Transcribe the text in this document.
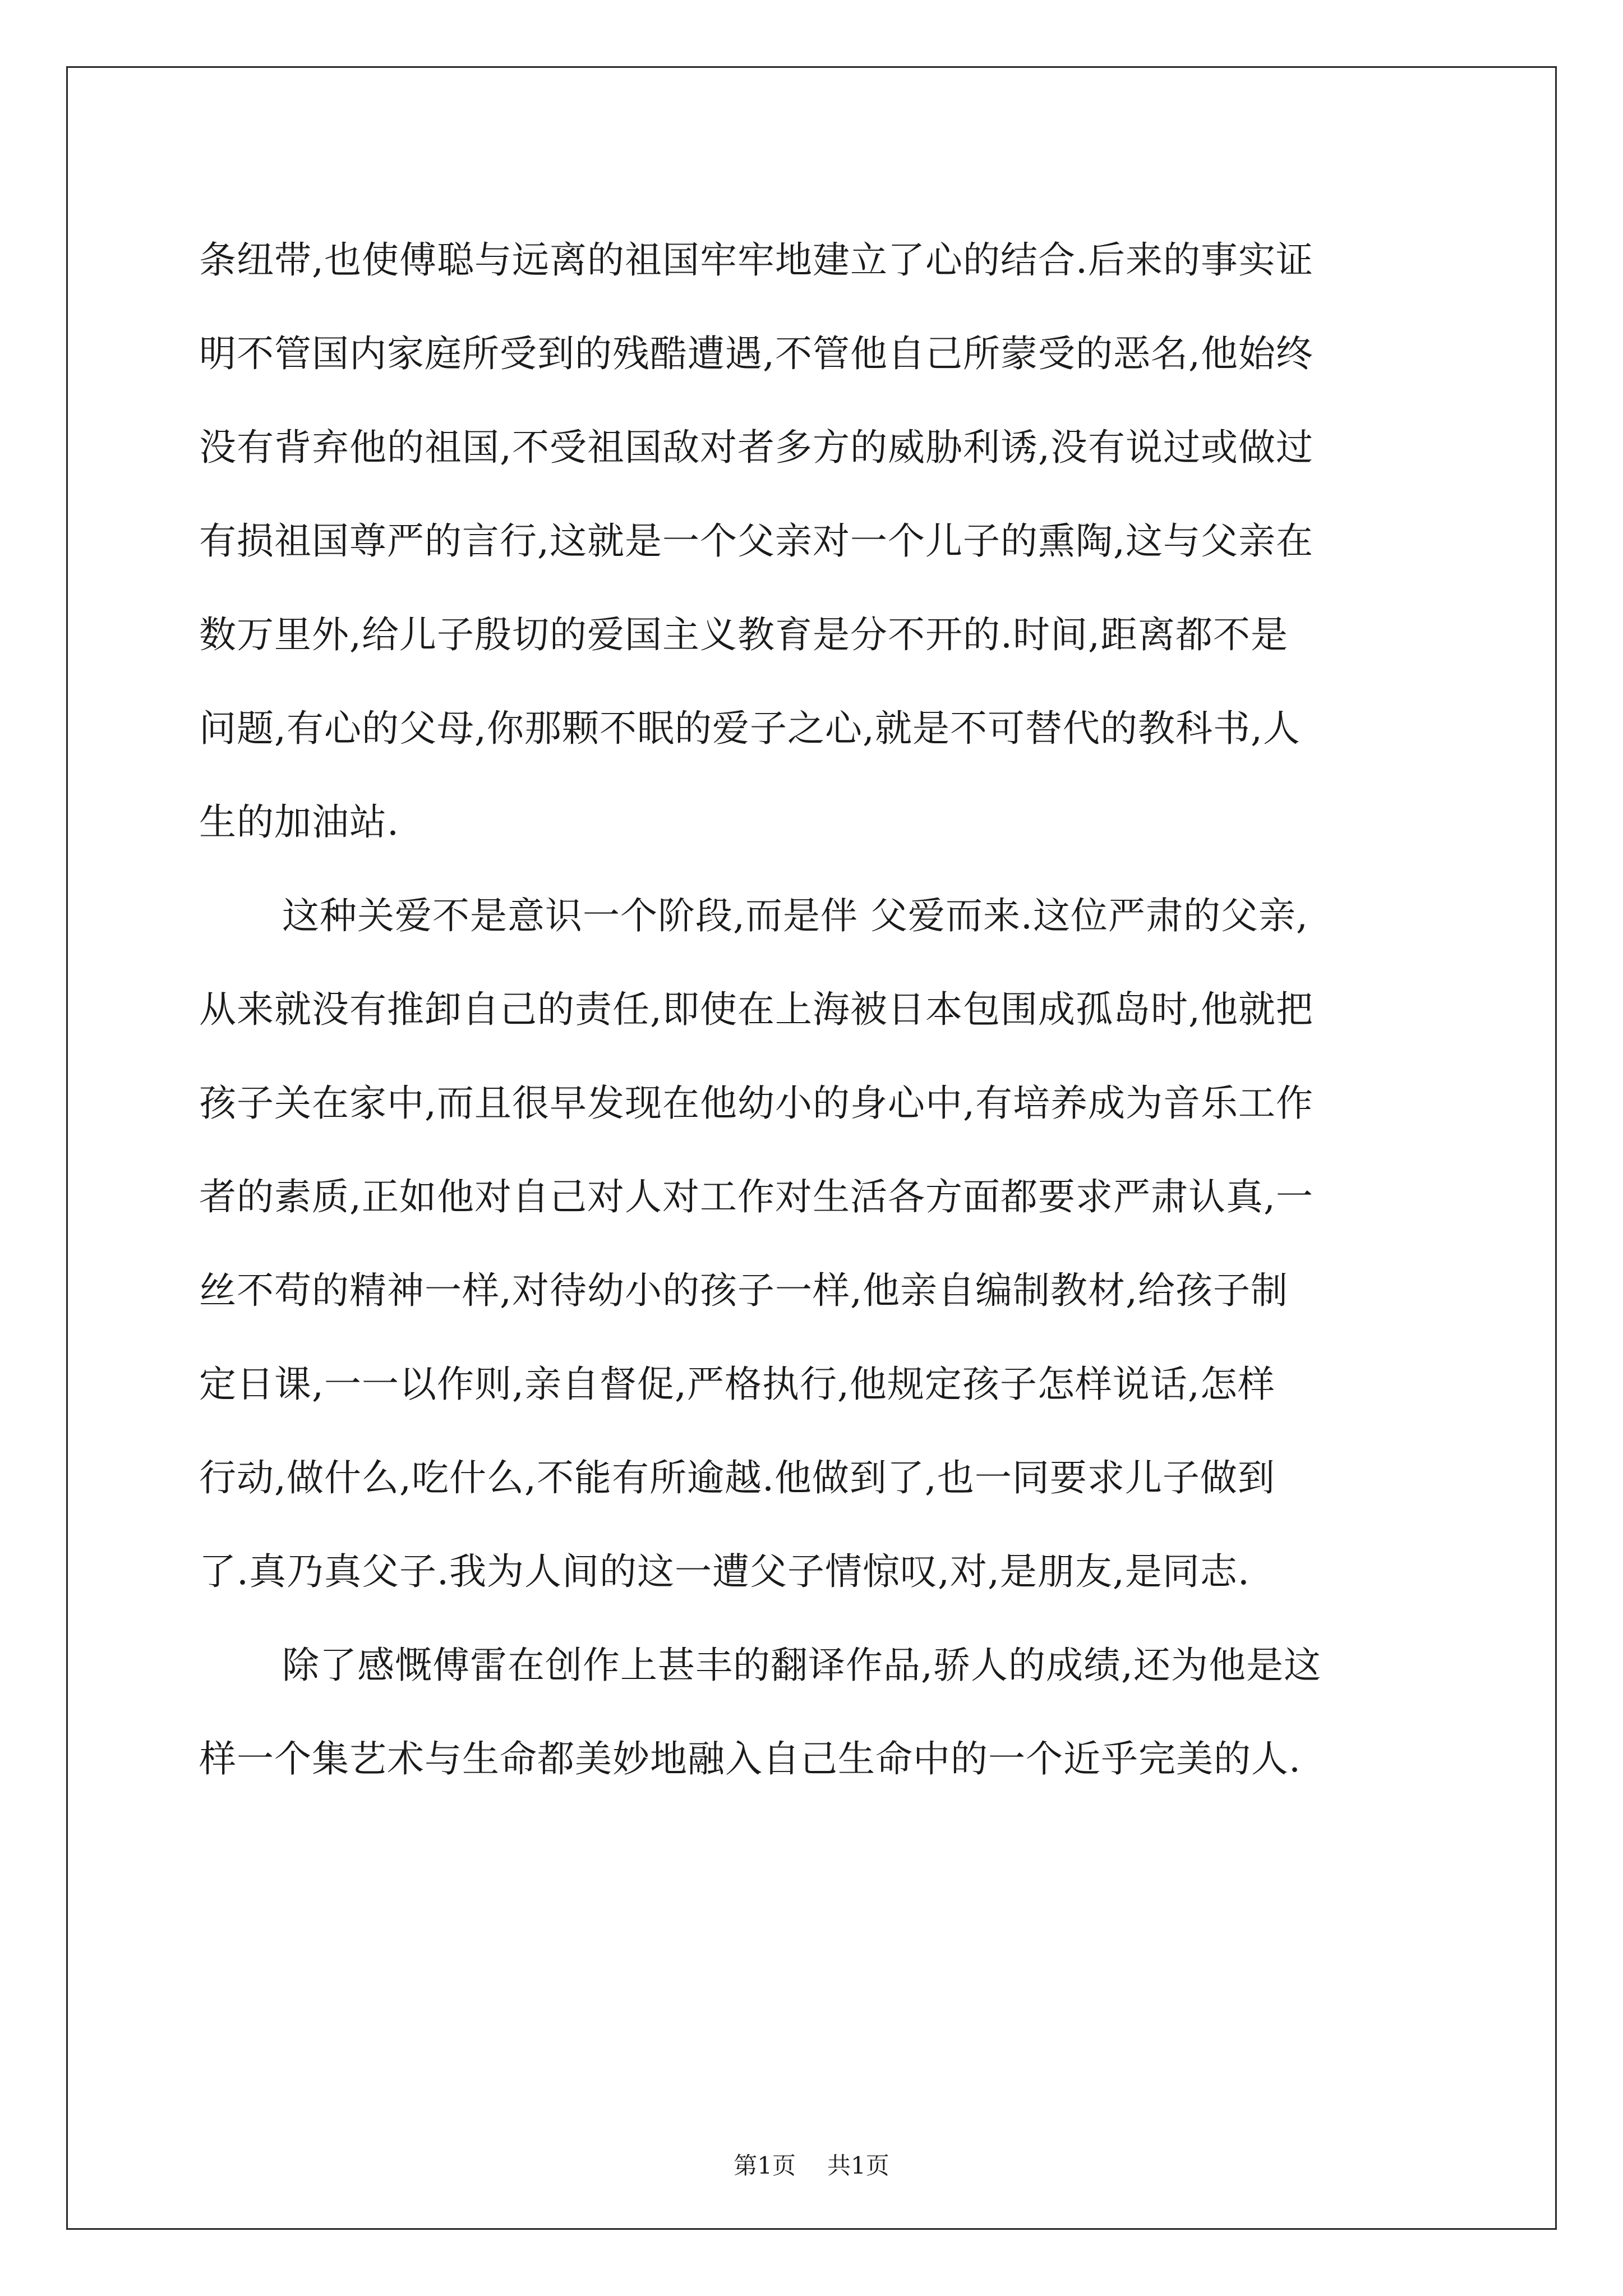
条纽带,也使傅聪与远离的祖国牢牢地建立了心的结合.后来的事实证
明不管国内家庭所受到的残酷遭遇,不管他自己所蒙受的恶名,他始终
没有背弃他的祖国,不受祖国敌对者多方的威胁利诱,没有说过或做过
有损祖国尊严的言行,这就是一个父亲对一个儿子的熏陶,这与父亲在
数万里外,给儿子殷切的爱国主义教育是分不开的.时间,距离都不是
问题,有心的父母,你那颗不眠的爱子之心,就是不可替代的教科书,人
生的加油站.
这种关爱不是意识一个阶段,而是伴 父爱而来.这位严肃的父亲,
从来就没有推卸自己的责任,即使在上海被日本包围成孤岛时,他就把
孩子关在家中,而且很早发现在他幼小的身心中,有培养成为音乐工作
者的素质,正如他对自己对人对工作对生活各方面都要求严肃认真,一
丝不苟的精神一样,对待幼小的孩子一样,他亲自编制教材,给孩子制
定日课,一一以作则,亲自督促,严格执行,他规定孩子怎样说话,怎样
行动,做什么,吃什么,不能有所逾越.他做到了,也一同要求儿子做到
了.真乃真父子.我为人间的这一遭父子情惊叹,对,是朋友,是同志.
除了感慨傅雷在创作上甚丰的翻译作品,骄人的成绩,还为他是这
样一个集艺术与生命都美妙地融入自己生命中的一个近乎完美的人.
第1页 共1页
